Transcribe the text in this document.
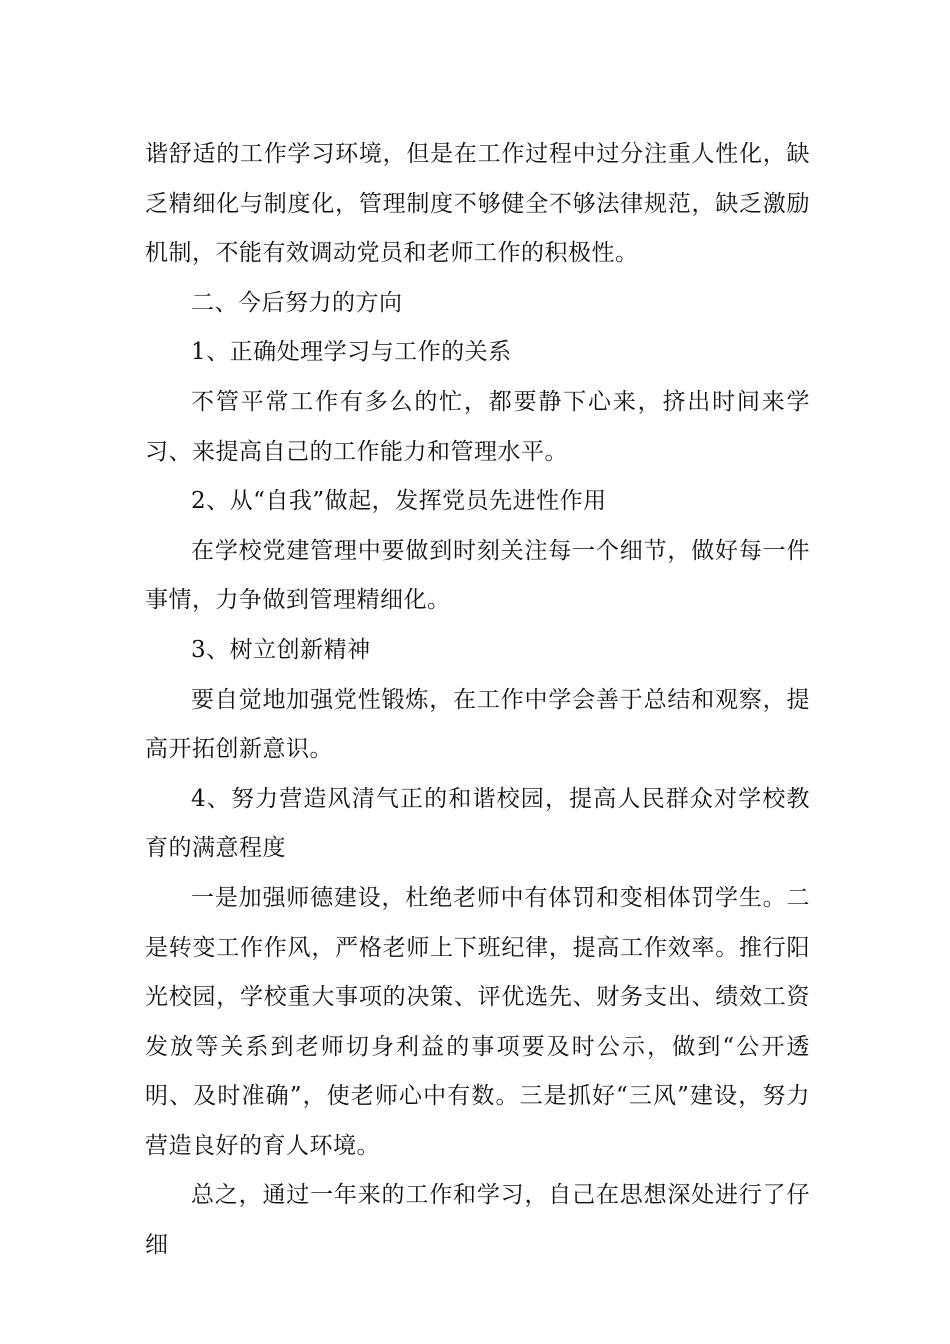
谐舒适的工作学习环境，但是在工作过程中过分注重人性化，缺乏精细化与制度化，管理制度不够健全不够法律规范，缺乏激励机制，不能有效调动党员和老师工作的积极性。

二、今后努力的方向

1、正确处理学习与工作的关系

不管平常工作有多么的忙，都要静下心来，挤出时间来学习、来提高自己的工作能力和管理水平。

2、从“自我”做起，发挥党员先进性作用

在学校党建管理中要做到时刻关注每一个细节，做好每一件事情，力争做到管理精细化。

3、树立创新精神

要自觉地加强党性锻炼，在工作中学会善于总结和观察，提高开拓创新意识。

4、努力营造风清气正的和谐校园，提高人民群众对学校教育的满意程度

一是加强师德建设，杜绝老师中有体罚和变相体罚学生。二是转变工作作风，严格老师上下班纪律，提高工作效率。推行阳光校园，学校重大事项的决策、评优选先、财务支出、绩效工资发放等关系到老师切身利益的事项要及时公示，做到“公开透明、及时准确”，使老师心中有数。三是抓好“三风”建设，努力营造良好的育人环境。

总之，通过一年来的工作和学习，自己在思想深处进行了仔细
